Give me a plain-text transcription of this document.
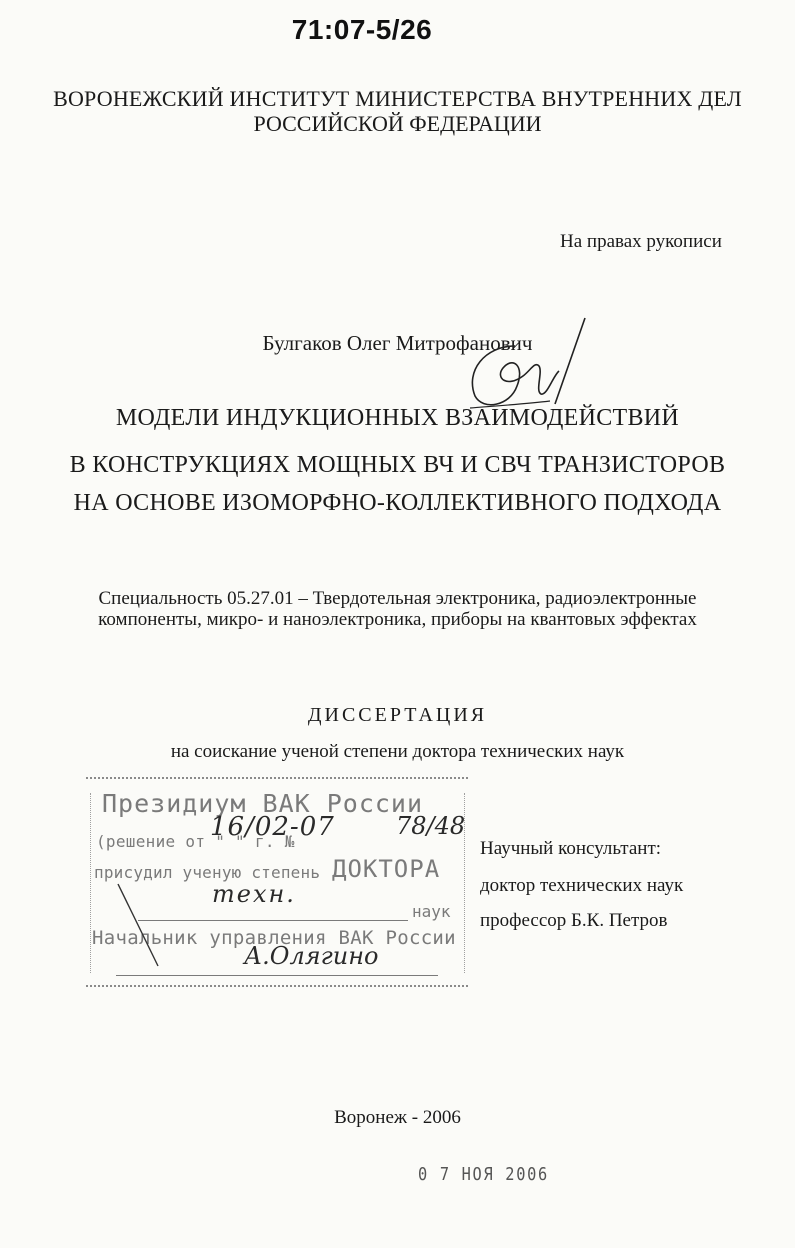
71:07-5/26
ВОРОНЕЖСКИЙ ИНСТИТУТ МИНИСТЕРСТВА ВНУТРЕННИХ ДЕЛ
РОССИЙСКОЙ ФЕДЕРАЦИИ
На правах рукописи
Булгаков Олег Митрофанович
МОДЕЛИ ИНДУКЦИОННЫХ ВЗАИМОДЕЙСТВИЙ
В КОНСТРУКЦИЯХ МОЩНЫХ ВЧ И СВЧ ТРАНЗИСТОРОВ
НА ОСНОВЕ ИЗОМОРФНО-КОЛЛЕКТИВНОГО ПОДХОДА
Специальность 05.27.01 – Твердотельная электроника, радиоэлектронные
компоненты, микро- и наноэлектроника, приборы на квантовых эффектах
ДИССЕРТАЦИЯ
на соискание ученой степени доктора технических наук
Президиум ВАК России
(решение от " " г. №
присудил ученую степень ДОКТОРА
наук
Начальник управления ВАК России
16/02-07	78/48
техн.
А.Олягино
Научный консультант:
доктор технических наук
профессор Б.К. Петров
Воронеж - 2006
0 7 НОЯ 2006
